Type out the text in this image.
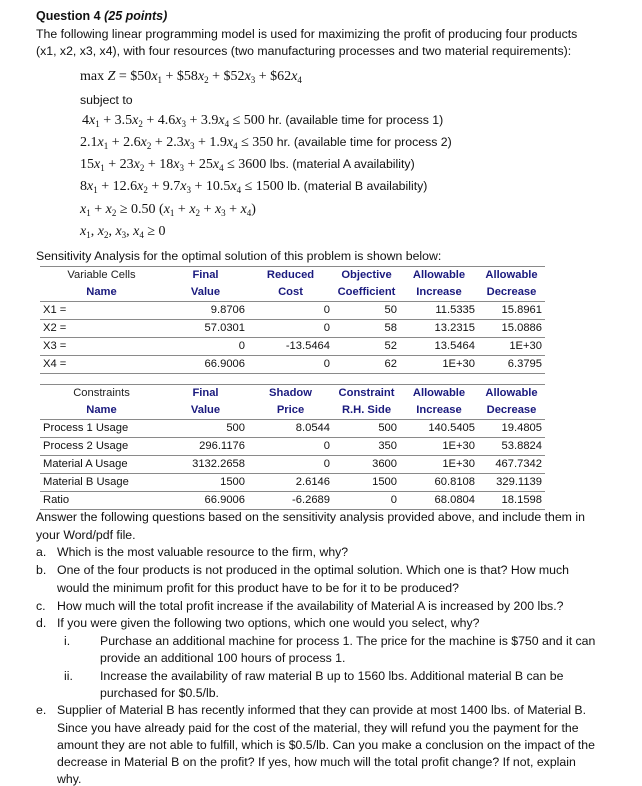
Question 4 (25 points)
The following linear programming model is used for maximizing the profit of producing four products
(x1, x2, x3, x4), with four resources (two manufacturing processes and two material requirements):
$\max Z = \$50x_1$ + $\$58x_2$ + $\$52x_3$ + $\$62x_4$
subject to
$4x_1 + 3.5x_2 + 4.6x_3 + 3.9x_4 \le 500$ hr. (available time for process 1)
$2.1x_1 + 2.6x_2 + 2.3x_3 + 1.9x_4 \le 350$ hr. (available time for process 2)
$15x_1 + 23x_2 + 18x_3 + 25x_4 \le 3600$ lbs. (material A availability)
$8x_1 + 12.6x_2 + 9.7x_3 + 10.5x_4 \le 1500$ lb. (material B availability)
$x_1 + x_2 \ge 0.50$ $(x_1 + x_2 + x_3 + x_4)$
$x_1$, $x_2$, $x_3$, $x_4 \ge 0$
Sensitivity Analysis for the optimal solution of this problem is shown below:
Variable Cells	Final	Reduced	Objective	Allowable	Allowable
Name	Value	Cost	Coefficient	Increase	Decrease
X1 =	9.8706	0	50	11.5335	15.8961
X2 =	57.0301	0	58	13.2315	15.0886
X3 =	0	-13.5464	52	13.5464	1E+30
X4 =	66.9006	0	62	1E+30	6.3795
Constraints	Final	Shadow	Constraint	Allowable	Allowable
Name	Value	Price	R.H. Side	Increase	Decrease
Process 1 Usage	500	8.0544	500	140.5405	19.4805
Process 2 Usage	296.1176	0	350	1E+30	53.8824
Material A Usage	3132.2658	0	3600	1E+30	467.7342
Material B Usage	1500	2.6146	1500	60.8108	329.1139
Ratio	66.9006	-6.2689	0	68.0804	18.1598
Answer the following questions based on the sensitivity analysis provided above, and include them in
your Word/pdf file.
a. Which is the most valuable resource to the firm, why?
b. One of the four products is not produced in the optimal solution. Which one is that? How much
would the minimum profit for this product have to be for it to be produced?
c. How much will the total profit increase if the availability of Material A is increased by 200 lbs.?
d. If you were given the following two options, which one would you select, why?
i. Purchase an additional machine for process 1. The price for the machine is $750 and it can
provide an additional 100 hours of process 1.
ii. Increase the availability of raw material B up to 1560 lbs. Additional material B can be
purchased for $0.5/lb.
e. Supplier of Material B has recently informed that they can provide at most 1400 lbs. of Material B.
Since you have already paid for the cost of the material, they will refund you the payment for the
amount they are not able to fulfill, which is $0.5/lb. Can you make a conclusion on the impact of the
decrease in Material B on the profit? If yes, how much will the total profit change? If not, explain
why.
